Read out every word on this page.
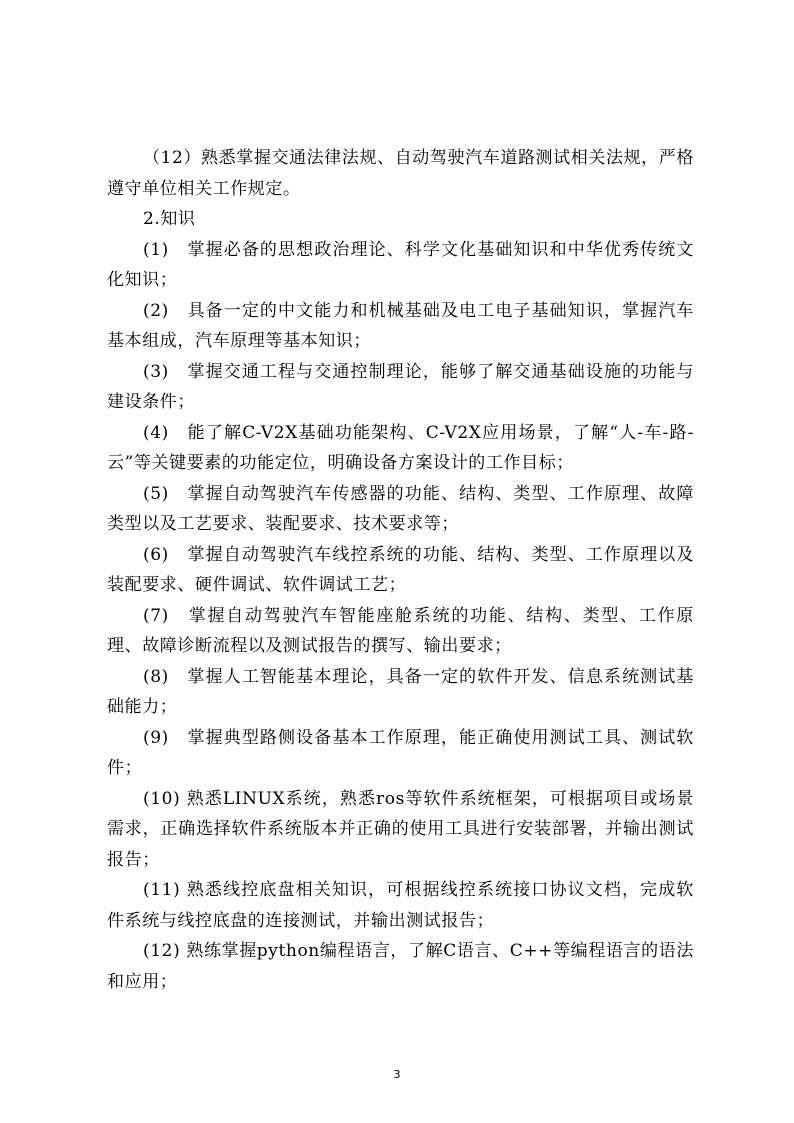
（12）熟悉掌握交通法律法规、自动驾驶汽车道路测试相关法规，严格遵守单位相关工作规定。

2.知识

(1)　掌握必备的思想政治理论、科学文化基础知识和中华优秀传统文化知识；

(2)　具备一定的中文能力和机械基础及电工电子基础知识，掌握汽车基本组成，汽车原理等基本知识；

(3)　掌握交通工程与交通控制理论，能够了解交通基础设施的功能与建设条件；

(4)　能了解C-V2X基础功能架构、C-V2X应用场景，了解“人-车-路-云”等关键要素的功能定位，明确设备方案设计的工作目标；

(5)　掌握自动驾驶汽车传感器的功能、结构、类型、工作原理、故障类型以及工艺要求、装配要求、技术要求等；

(6)　掌握自动驾驶汽车线控系统的功能、结构、类型、工作原理以及装配要求、硬件调试、软件调试工艺；

(7)　掌握自动驾驶汽车智能座舱系统的功能、结构、类型、工作原理、故障诊断流程以及测试报告的撰写、输出要求；

(8)　掌握人工智能基本理论，具备一定的软件开发、信息系统测试基础能力；

(9)　掌握典型路侧设备基本工作原理，能正确使用测试工具、测试软件；

(10) 熟悉LINUX系统，熟悉ros等软件系统框架，可根据项目或场景需求，正确选择软件系统版本并正确的使用工具进行安装部署，并输出测试报告；

(11) 熟悉线控底盘相关知识，可根据线控系统接口协议文档，完成软件系统与线控底盘的连接测试，并输出测试报告；

(12) 熟练掌握python编程语言，了解C语言、C++等编程语言的语法和应用；

3
